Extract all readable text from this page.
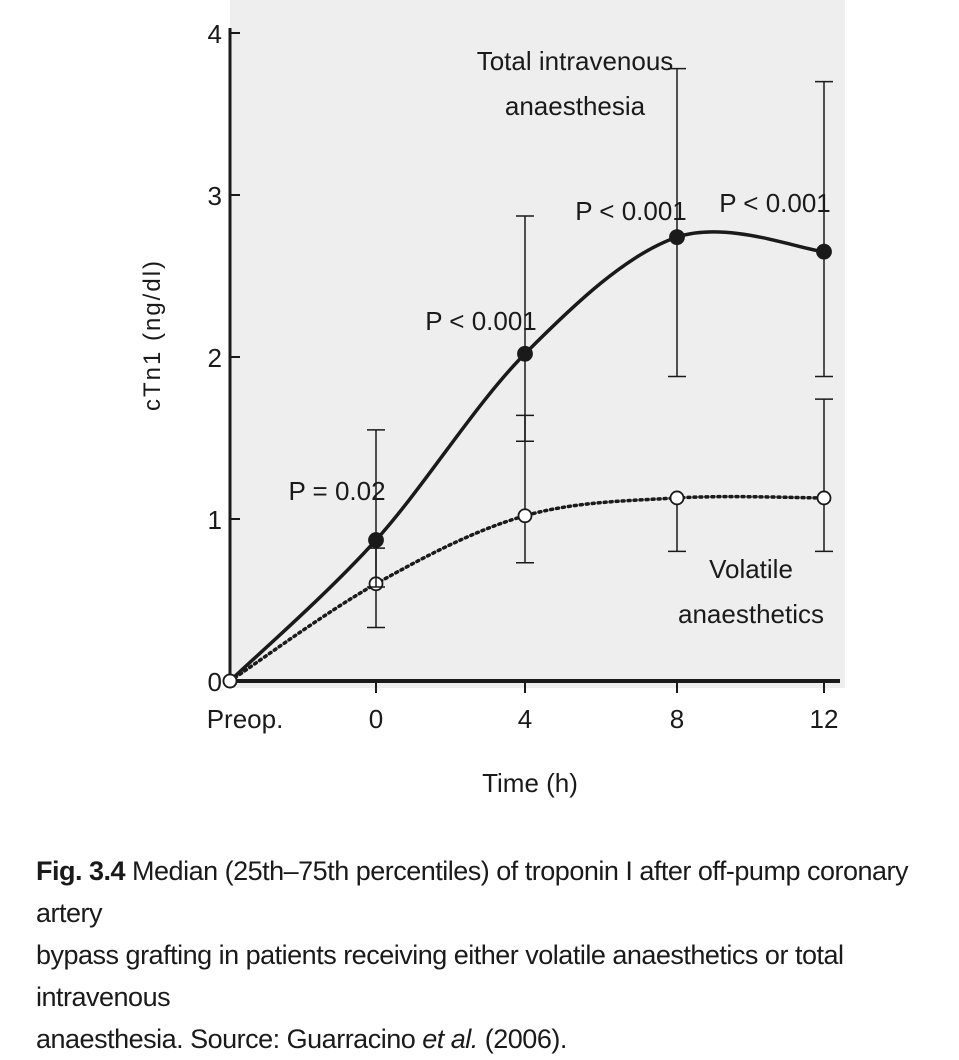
0
1
2
3
4
Preop.	0	4	8	12
cTn1 (ng/dl)
Time (h)
P = 0.02
P < 0.001
P < 0.001 P < 0.001
Total intravenous
anaesthesia
Volatile
anaesthetics
Fig. 3.4 Median (25th–75th percentiles) of troponin I after off-pump coronary artery
bypass grafting in patients receiving either volatile anaesthetics or total intravenous
anaesthesia. Source: Guarracino et al. (2006).
